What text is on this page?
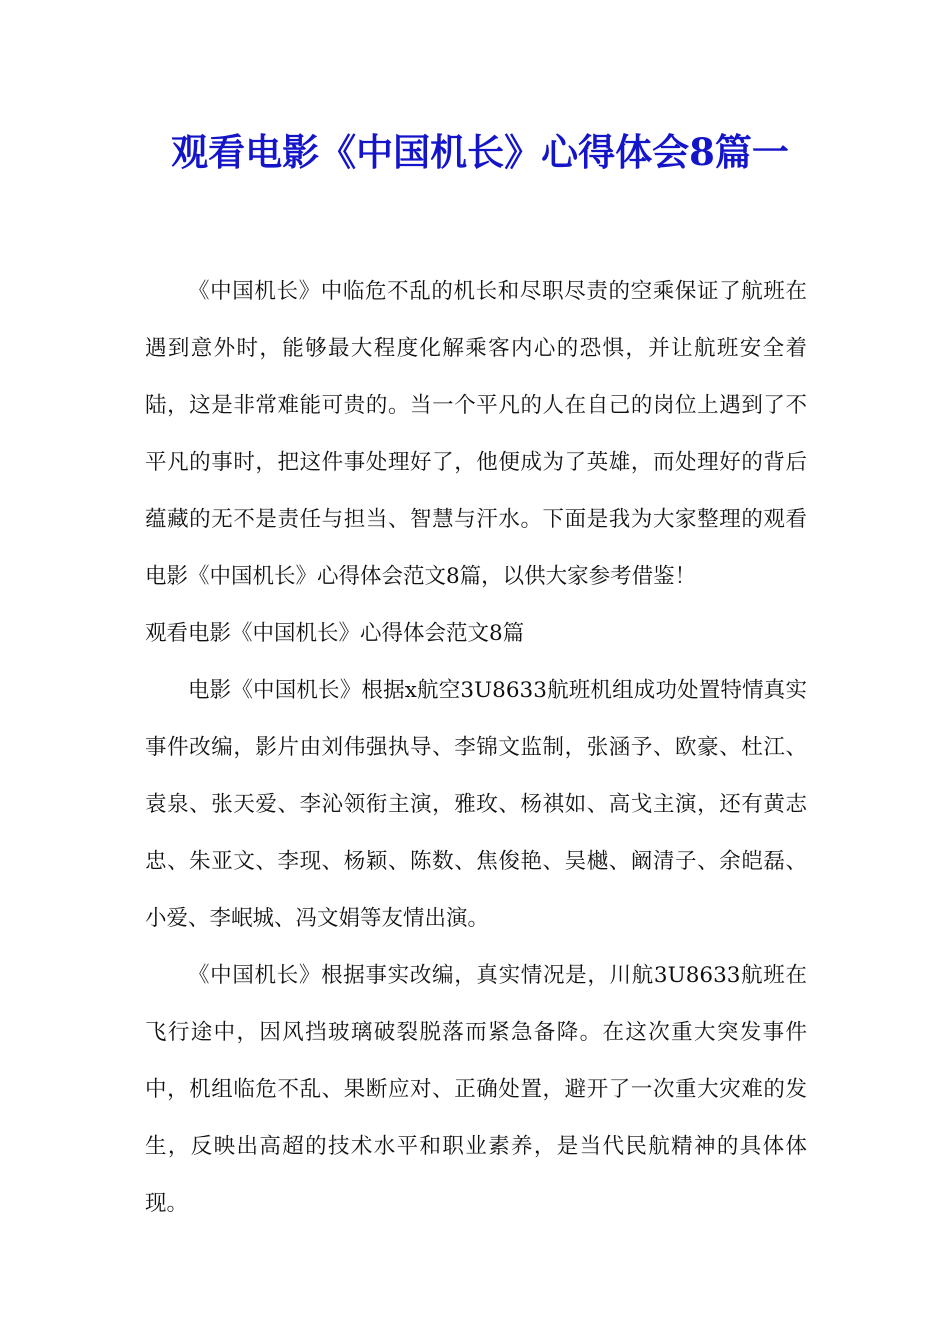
观看电影《中国机长》心得体会8篇一

《中国机长》中临危不乱的机长和尽职尽责的空乘保证了航班在遇到意外时，能够最大程度化解乘客内心的恐惧，并让航班安全着陆，这是非常难能可贵的。当一个平凡的人在自己的岗位上遇到了不平凡的事时，把这件事处理好了，他便成为了英雄，而处理好的背后蕴藏的无不是责任与担当、智慧与汗水。下面是我为大家整理的观看电影《中国机长》心得体会范文8篇，以供大家参考借鉴！

观看电影《中国机长》心得体会范文8篇

电影《中国机长》根据x航空3U8633航班机组成功处置特情真实事件改编，影片由刘伟强执导、李锦文监制，张涵予、欧豪、杜江、袁泉、张天爱、李沁领衔主演，雅玫、杨祺如、高戈主演，还有黄志忠、朱亚文、李现、杨颖、陈数、焦俊艳、吴樾、阚清子、余皑磊、小爱、李岷城、冯文娟等友情出演。

《中国机长》根据事实改编，真实情况是，川航3U8633航班在飞行途中，因风挡玻璃破裂脱落而紧急备降。在这次重大突发事件中，机组临危不乱、果断应对、正确处置，避开了一次重大灾难的发生，反映出高超的技术水平和职业素养，是当代民航精神的具体体现。
